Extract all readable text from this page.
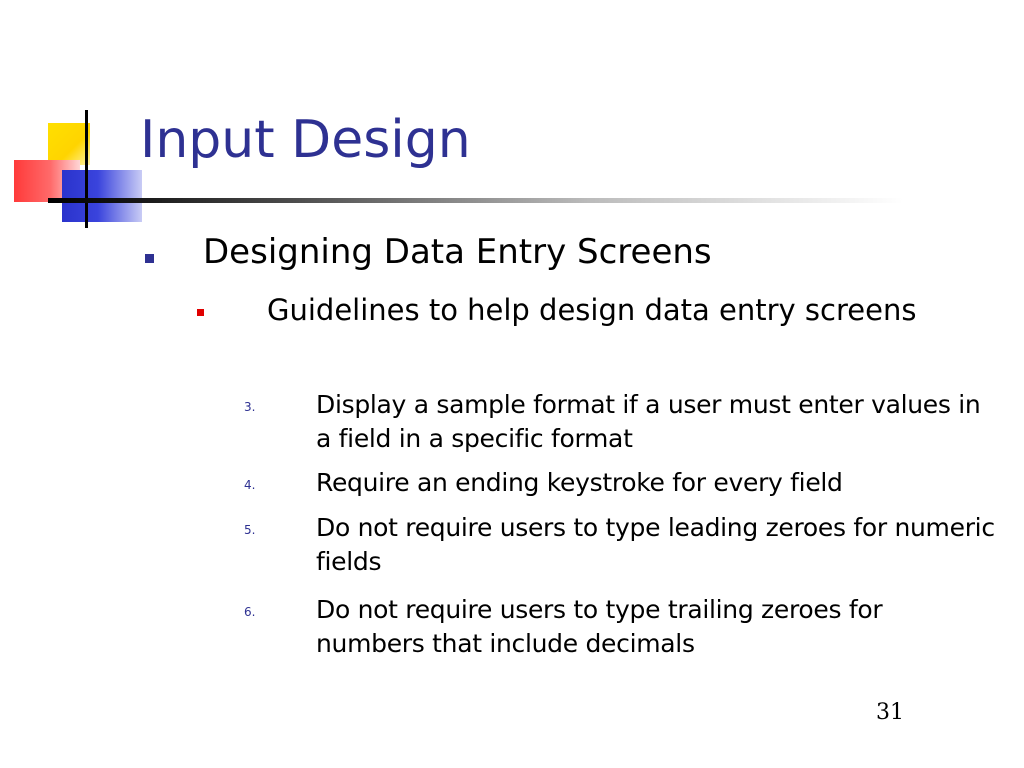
Input Design
Designing Data Entry Screens
Guidelines to help design data entry screens
3. Display a sample format if a user must enter values in a field in a specific format
4. Require an ending keystroke for every field
5. Do not require users to type leading zeroes for numeric fields
6. Do not require users to type trailing zeroes for numbers that include decimals
31
